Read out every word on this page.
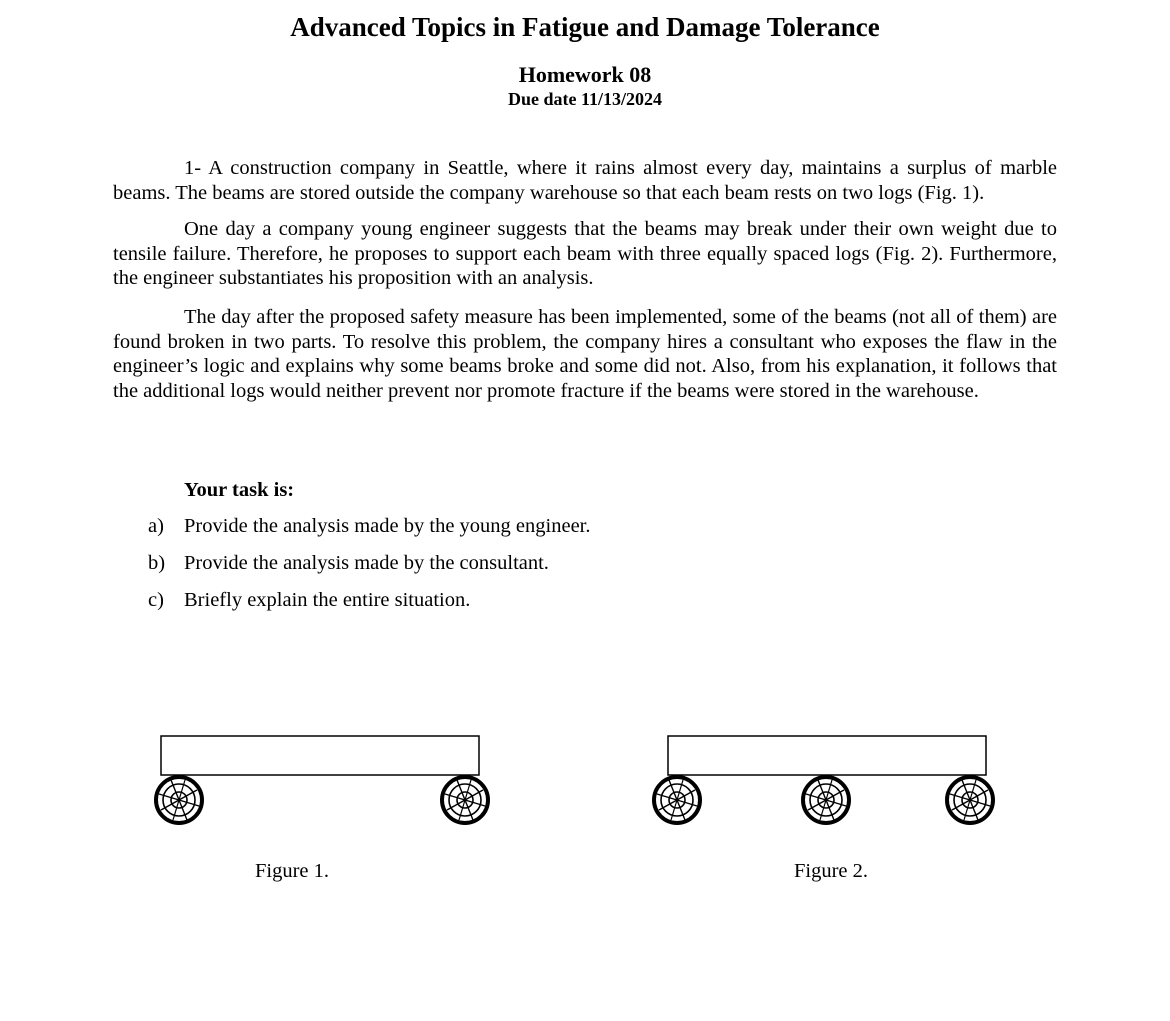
Advanced Topics in Fatigue and Damage Tolerance
Homework 08
Due date 11/13/2024

1- A construction company in Seattle, where it rains almost every day, maintains a surplus of marble beams. The beams are stored outside the company warehouse so that each beam rests on two logs (Fig. 1).

One day a company young engineer suggests that the beams may break under their own weight due to tensile failure. Therefore, he proposes to support each beam with three equally spaced logs (Fig. 2). Furthermore, the engineer substantiates his proposition with an analysis.

The day after the proposed safety measure has been implemented, some of the beams (not all of them) are found broken in two parts. To resolve this problem, the company hires a consultant who exposes the flaw in the engineer’s logic and explains why some beams broke and some did not. Also, from his explanation, it follows that the additional logs would neither prevent nor promote fracture if the beams were stored in the warehouse.

Your task is:
a) Provide the analysis made by the young engineer.
b) Provide the analysis made by the consultant.
c) Briefly explain the entire situation.
Figure 1.	Figure 2.
